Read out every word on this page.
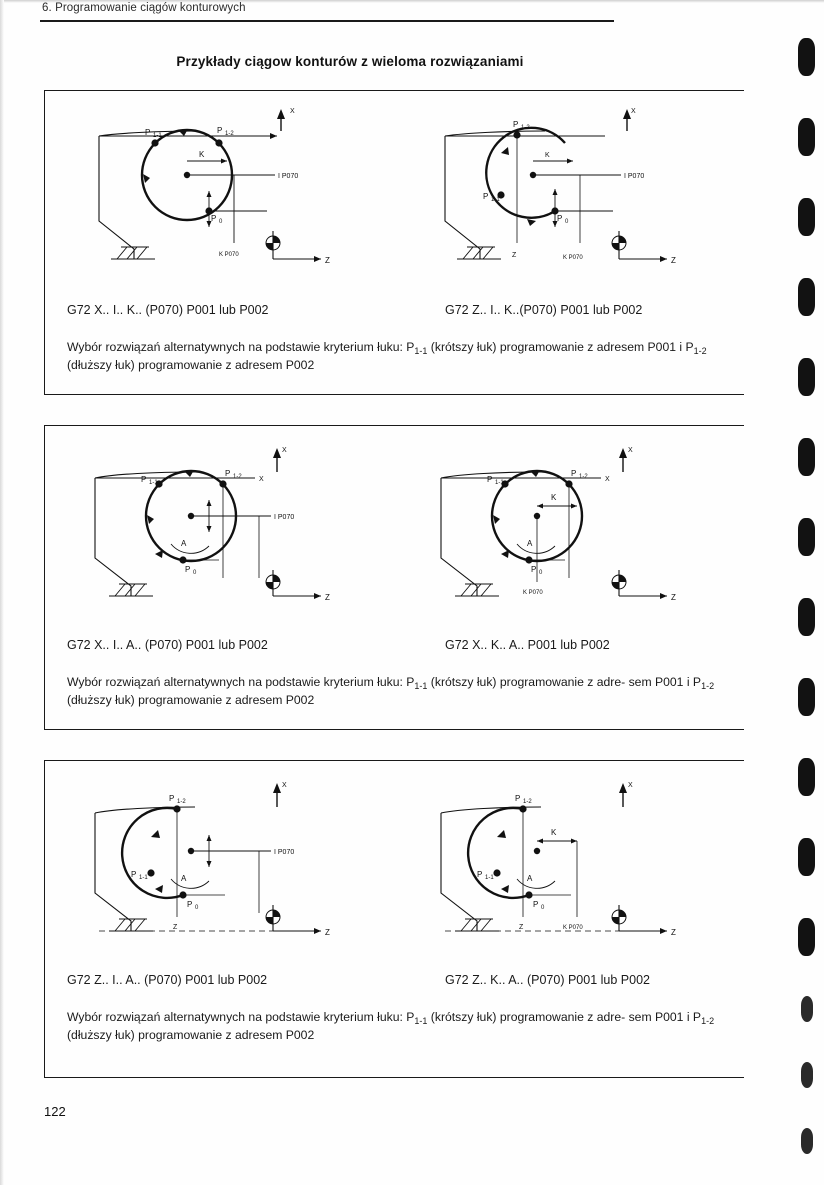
6. Programowanie ciągów konturowych
Przykłady ciągow konturów z wieloma rozwiązaniami
I P070
P 1-1
P 1-2
P 0
K
X
Z
K P070
I P070
P 1-1
P 1-2
P 0
K
X
Z
Z	K P070
G72 X.. I.. K.. (P070) P001 lub P002	G72 Z.. I.. K..(P070) P001 lub P002
Wybór rozwiązań alternatywnych na podstawie kryterium łuku: $P_{1-1}$ (krótszy łuk) programowanie z adresem P001 i $P_{1-2}$ (dłuższy łuk) programowanie z adresem P002
X
I P070
P 1-1
P 1-2
P 0
A
X
Z
X
P 1-1
P 1-2
P 0
A
K
K P070
X
Z
G72 X.. I.. A.. (P070) P001 lub P002	G72 X.. K.. A.. P001 lub P002
Wybór rozwiązań alternatywnych na podstawie kryterium łuku: $P_{1-1}$ (krótszy łuk) programowanie z adre- sem P001 i $P_{1-2}$ (dłuższy łuk) programowanie z adresem P002
I P070
P 1-2
P 1-1
P 0
A
Z
X
Z
P 1-2
P 1-1
P 0
A
K
Z	K P070
X
Z
G72 Z.. I.. A.. (P070) P001 lub P002	G72 Z.. K.. A.. (P070) P001 lub P002
Wybór rozwiązań alternatywnych na podstawie kryterium łuku: $P_{1-1}$ (krótszy łuk) programowanie z adre- sem P001 i $P_{1-2}$ (dłuższy łuk) programowanie z adresem P002
122
